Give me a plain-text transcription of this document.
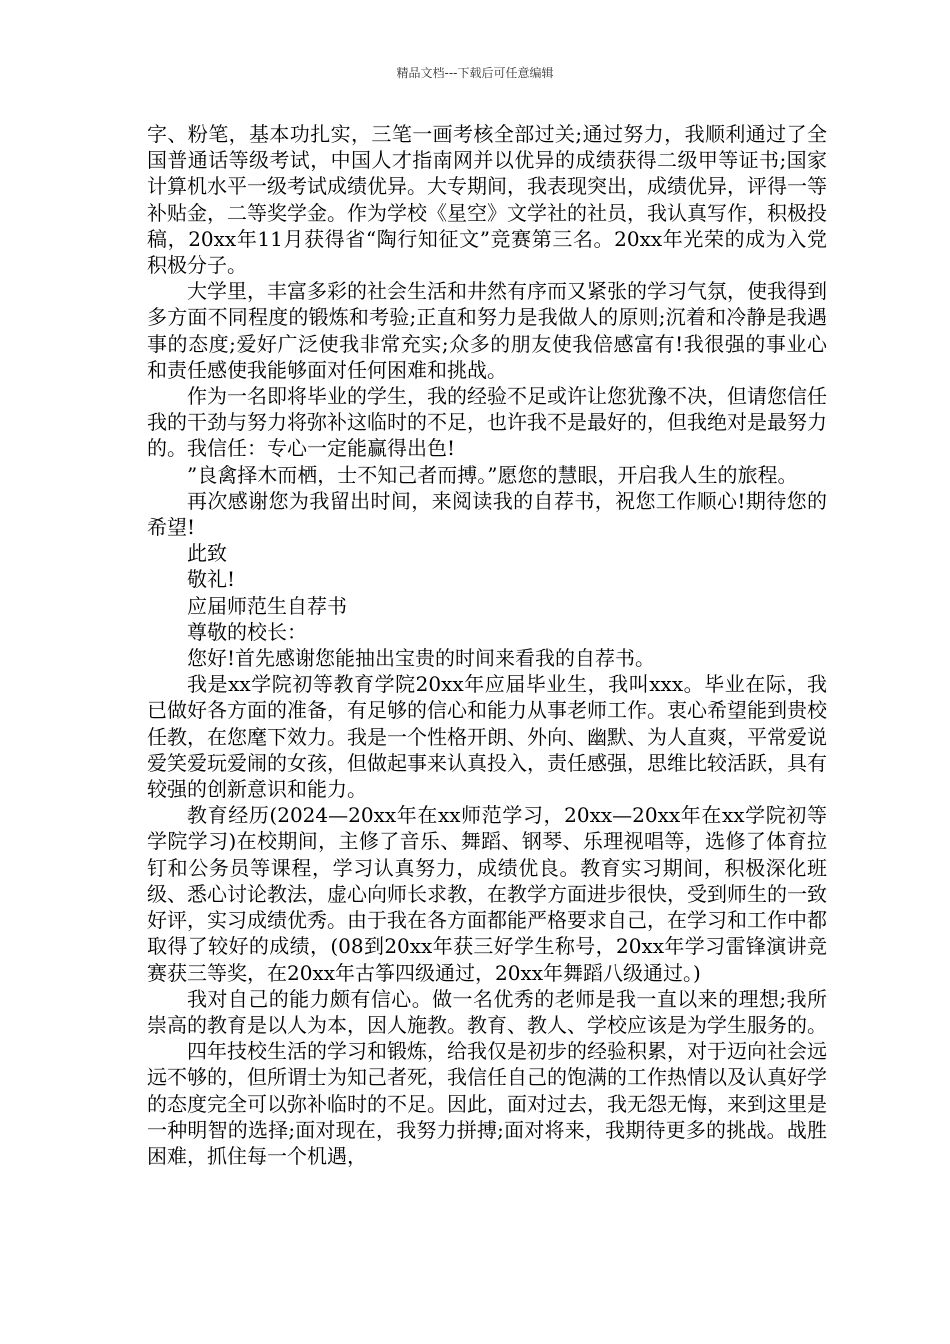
精品文档---下载后可任意编辑

字、粉笔，基本功扎实，三笔一画考核全部过关;通过努力，我顺利通过了全国普通话等级考试，中国人才指南网并以优异的成绩获得二级甲等证书;国家计算机水平一级考试成绩优异。大专期间，我表现突出，成绩优异，评得一等补贴金，二等奖学金。作为学校《星空》文学社的社员，我认真写作，积极投稿，20xx年11月获得省“陶行知征文”竞赛第三名。20xx年光荣的成为入党积极分子。

大学里，丰富多彩的社会生活和井然有序而又紧张的学习气氛，使我得到多方面不同程度的锻炼和考验;正直和努力是我做人的原则;沉着和冷静是我遇事的态度;爱好广泛使我非常充实;众多的朋友使我倍感富有!我很强的事业心和责任感使我能够面对任何困难和挑战。

作为一名即将毕业的学生，我的经验不足或许让您犹豫不决，但请您信任我的干劲与努力将弥补这临时的不足，也许我不是最好的，但我绝对是最努力的。我信任：专心一定能赢得出色!

”良禽择木而栖，士不知己者而搏。”愿您的慧眼，开启我人生的旅程。

再次感谢您为我留出时间，来阅读我的自荐书，祝您工作顺心!期待您的希望!

此致

敬礼!

应届师范生自荐书

尊敬的校长：

您好!首先感谢您能抽出宝贵的时间来看我的自荐书。

我是xx学院初等教育学院20xx年应届毕业生，我叫xxx。毕业在际，我已做好各方面的准备，有足够的信心和能力从事老师工作。衷心希望能到贵校任教，在您麾下效力。我是一个性格开朗、外向、幽默、为人直爽，平常爱说爱笑爱玩爱闹的女孩，但做起事来认真投入，责任感强，思维比较活跃，具有较强的创新意识和能力。

教育经历(2024—20xx年在xx师范学习，20xx—20xx年在xx学院初等学院学习)在校期间，主修了音乐、舞蹈、钢琴、乐理视唱等，选修了体育拉钉和公务员等课程，学习认真努力，成绩优良。教育实习期间，积极深化班级、悉心讨论教法，虚心向师长求教，在教学方面进步很快，受到师生的一致好评，实习成绩优秀。由于我在各方面都能严格要求自己，在学习和工作中都取得了较好的成绩，(08到20xx年获三好学生称号，20xx年学习雷锋演讲竞赛获三等奖，在20xx年古筝四级通过，20xx年舞蹈八级通过。)

我对自己的能力颇有信心。做一名优秀的老师是我一直以来的理想;我所崇高的教育是以人为本，因人施教。教育、教人、学校应该是为学生服务的。

四年技校生活的学习和锻炼，给我仅是初步的经验积累，对于迈向社会远远不够的，但所谓士为知己者死，我信任自己的饱满的工作热情以及认真好学的态度完全可以弥补临时的不足。因此，面对过去，我无怨无悔，来到这里是一种明智的选择;面对现在，我努力拼搏;面对将来，我期待更多的挑战。战胜困难，抓住每一个机遇，
